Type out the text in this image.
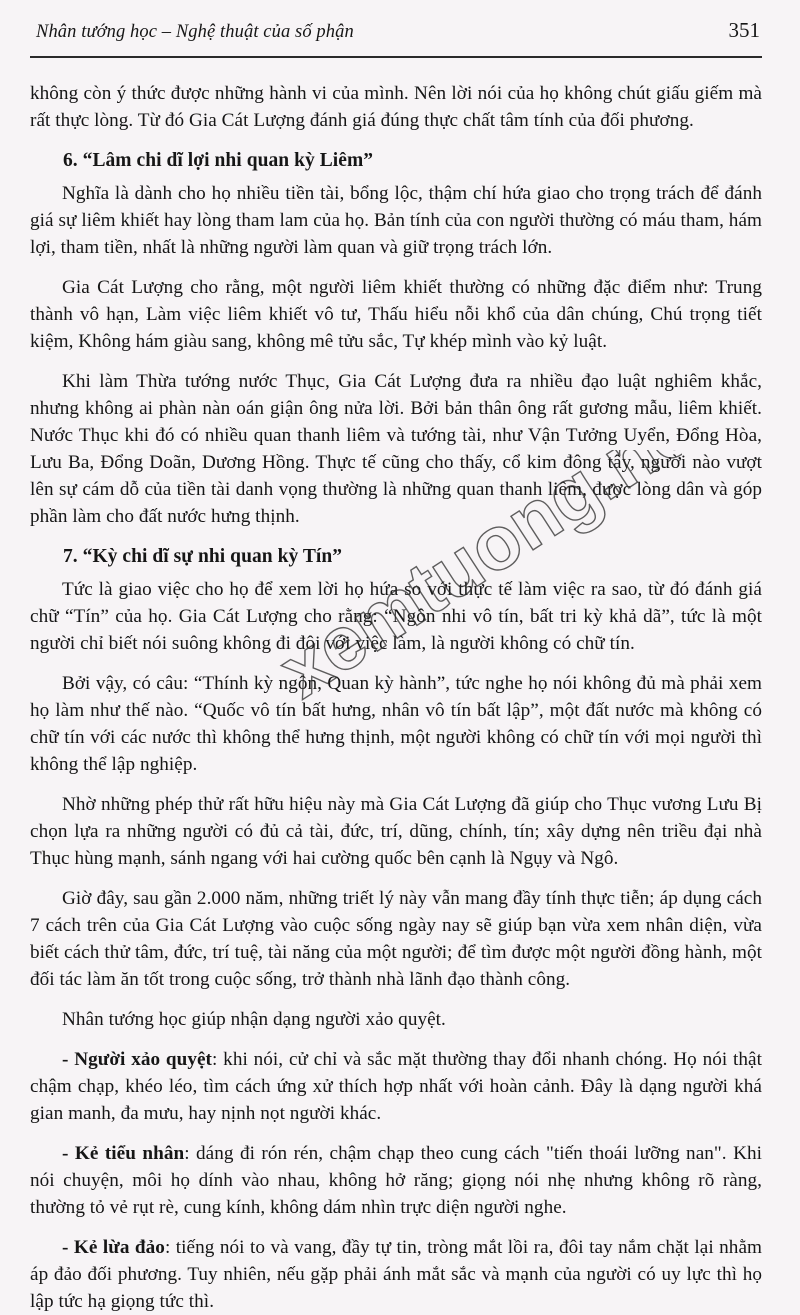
Nhân tướng học – Nghệ thuật của số phận	351

không còn ý thức được những hành vi của mình. Nên lời nói của họ không chút giấu giếm mà rất thực lòng. Từ đó Gia Cát Lượng đánh giá đúng thực chất tâm tính của đối phương.

6. “Lâm chi dĩ lợi nhi quan kỳ Liêm”

Nghĩa là dành cho họ nhiều tiền tài, bổng lộc, thậm chí hứa giao cho trọng trách để đánh giá sự liêm khiết hay lòng tham lam của họ. Bản tính của con người thường có máu tham, hám lợi, tham tiền, nhất là những người làm quan và giữ trọng trách lớn.

Gia Cát Lượng cho rằng, một người liêm khiết thường có những đặc điểm như: Trung thành vô hạn, Làm việc liêm khiết vô tư, Thấu hiểu nỗi khổ của dân chúng, Chú trọng tiết kiệm, Không hám giàu sang, không mê tửu sắc, Tự khép mình vào kỷ luật.

Khi làm Thừa tướng nước Thục, Gia Cát Lượng đưa ra nhiều đạo luật nghiêm khắc, nhưng không ai phàn nàn oán giận ông nửa lời. Bởi bản thân ông rất gương mẫu, liêm khiết. Nước Thục khi đó có nhiều quan thanh liêm và tướng tài, như Vận Tưởng Uyển, Đổng Hòa, Lưu Ba, Đổng Doãn, Dương Hồng. Thực tế cũng cho thấy, cổ kim đông tây, người nào vượt lên sự cám dỗ của tiền tài danh vọng thường là những quan thanh liêm, được lòng dân và góp phần làm cho đất nước hưng thịnh.

7. “Kỳ chi dĩ sự nhi quan kỳ Tín”

Tức là giao việc cho họ để xem lời họ hứa so với thực tế làm việc ra sao, từ đó đánh giá chữ “Tín” của họ. Gia Cát Lượng cho rằng: “Ngôn nhi vô tín, bất tri kỳ khả dã”, tức là một người chỉ biết nói suông không đi đôi với việc làm, là người không có chữ tín.

Bởi vậy, có câu: “Thính kỳ ngôn, Quan kỳ hành”, tức nghe họ nói không đủ mà phải xem họ làm như thế nào. “Quốc vô tín bất hưng, nhân vô tín bất lập”, một đất nước mà không có chữ tín với các nước thì không thể hưng thịnh, một người không có chữ tín với mọi người thì không thể lập nghiệp.

Nhờ những phép thử rất hữu hiệu này mà Gia Cát Lượng đã giúp cho Thục vương Lưu Bị chọn lựa ra những người có đủ cả tài, đức, trí, dũng, chính, tín; xây dựng nên triều đại nhà Thục hùng mạnh, sánh ngang với hai cường quốc bên cạnh là Ngụy và Ngô.

Giờ đây, sau gần 2.000 năm, những triết lý này vẫn mang đầy tính thực tiễn; áp dụng cách 7 cách trên của Gia Cát Lượng vào cuộc sống ngày nay sẽ giúp bạn vừa xem nhân diện, vừa biết cách thử tâm, đức, trí tuệ, tài năng của một người; để tìm được một người đồng hành, một đối tác làm ăn tốt trong cuộc sống, trở thành nhà lãnh đạo thành công.

Nhân tướng học giúp nhận dạng người xảo quyệt.

- Người xảo quyệt: khi nói, cử chỉ và sắc mặt thường thay đổi nhanh chóng. Họ nói thật chậm chạp, khéo léo, tìm cách ứng xử thích hợp nhất với hoàn cảnh. Đây là dạng người khá gian manh, đa mưu, hay nịnh nọt người khác.

- Kẻ tiểu nhân: dáng đi rón rén, chậm chạp theo cung cách "tiến thoái lưỡng nan". Khi nói chuyện, môi họ dính vào nhau, không hở răng; giọng nói nhẹ nhưng không rõ ràng, thường tỏ vẻ rụt rè, cung kính, không dám nhìn trực diện người nghe.

- Kẻ lừa đảo: tiếng nói to và vang, đầy tự tin, tròng mắt lồi ra, đôi tay nắm chặt lại nhằm áp đảo đối phương. Tuy nhiên, nếu gặp phải ánh mắt sắc và mạnh của người có uy lực thì họ lập tức hạ giọng tức thì.

xemtuong.net
